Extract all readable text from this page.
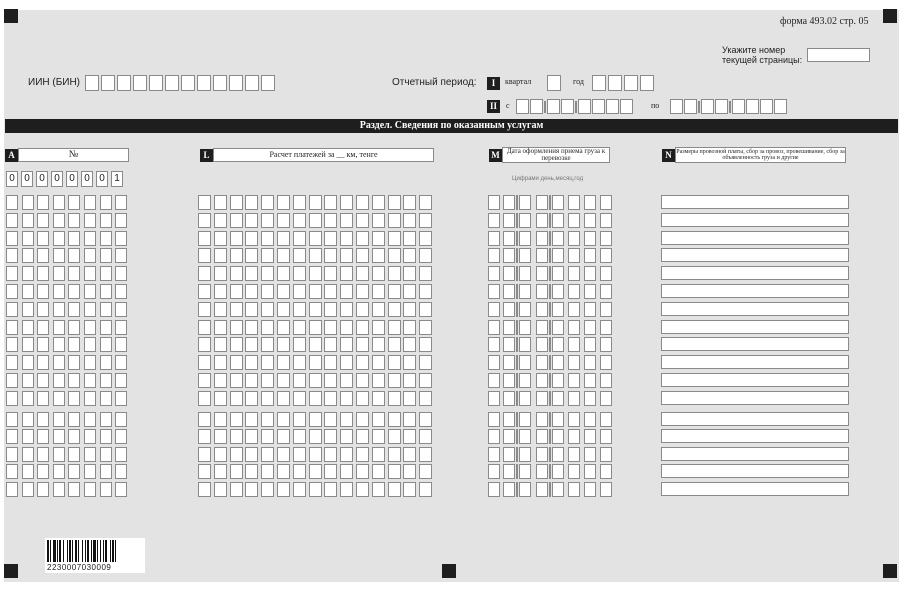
форма 493.02 стр. 05
Укажите номер текущей страницы:
ИИН (БИН)	Отчетный период:	I	квартал	год
II	с	по
Раздел. Сведения по оказанным услугам
A	№	L	Расчет платежей за __ км, тенге	M	Дата оформления приема груза к перевозке
Цифрами день,месяц,год
N Размеры провозной платы, сбор за провоз, провешивание, сбор за объявленность груза и другие
0 0 0 0 0 0 0 1
2230007030009
